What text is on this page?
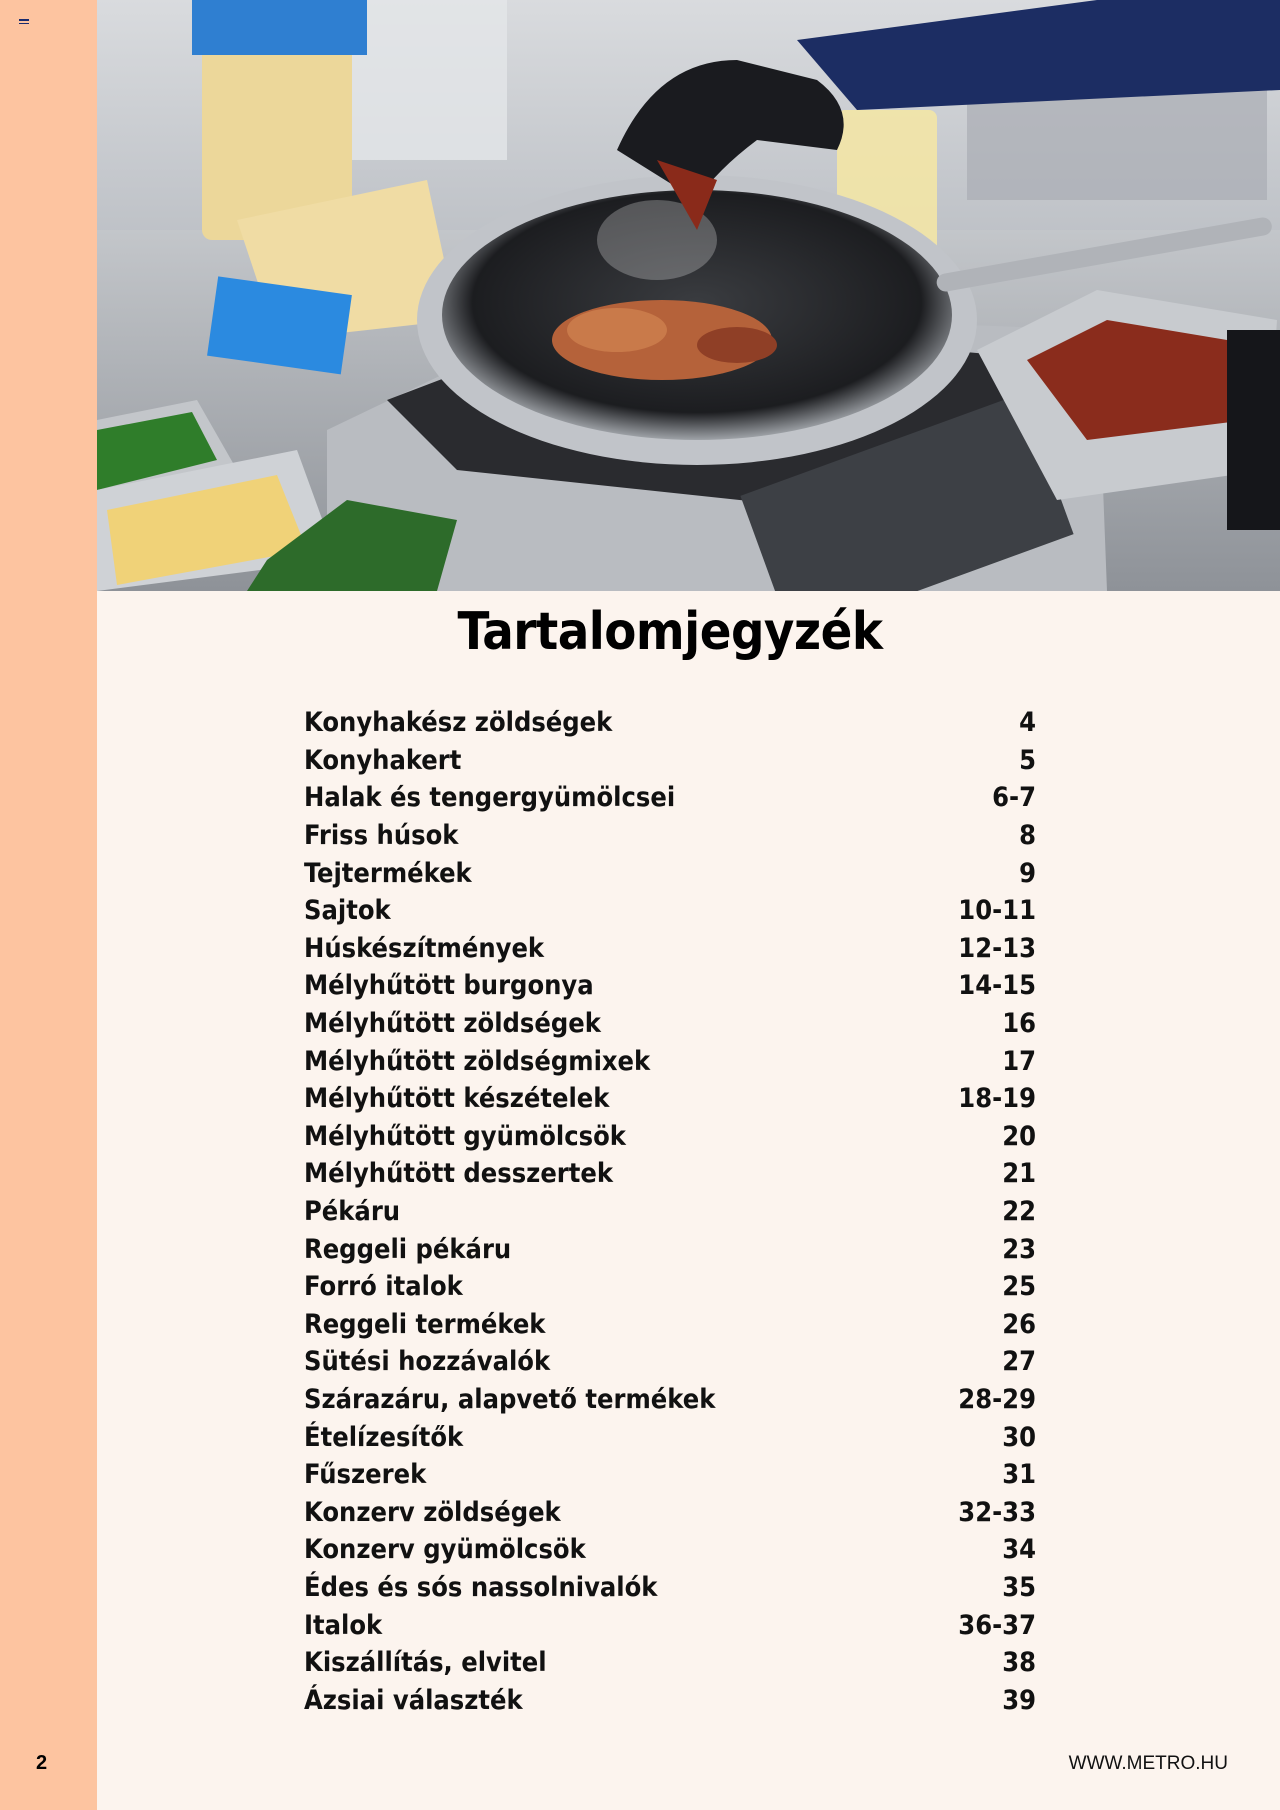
2
Tartalomjegyzék
Konyhakész zöldségek	4
Konyhakert	5
Halak és tengergyümölcsei	6-7
Friss húsok	8
Tejtermékek	9
Sajtok	10-11
Húskészítmények	12-13
Mélyhűtött burgonya	14-15
Mélyhűtött zöldségek	16
Mélyhűtött zöldségmixek	17
Mélyhűtött készételek	18-19
Mélyhűtött gyümölcsök	20
Mélyhűtött desszertek	21
Pékáru	22
Reggeli pékáru	23
Forró italok	25
Reggeli termékek	26
Sütési hozzávalók	27
Szárazáru, alapvető termékek	28-29
Ételízesítők	30
Fűszerek	31
Konzerv zöldségek	32-33
Konzerv gyümölcsök	34
Édes és sós nassolnivalók	35
Italok	36-37
Kiszállítás, elvitel	38
Ázsiai választék	39
WWW.METRO.HU
